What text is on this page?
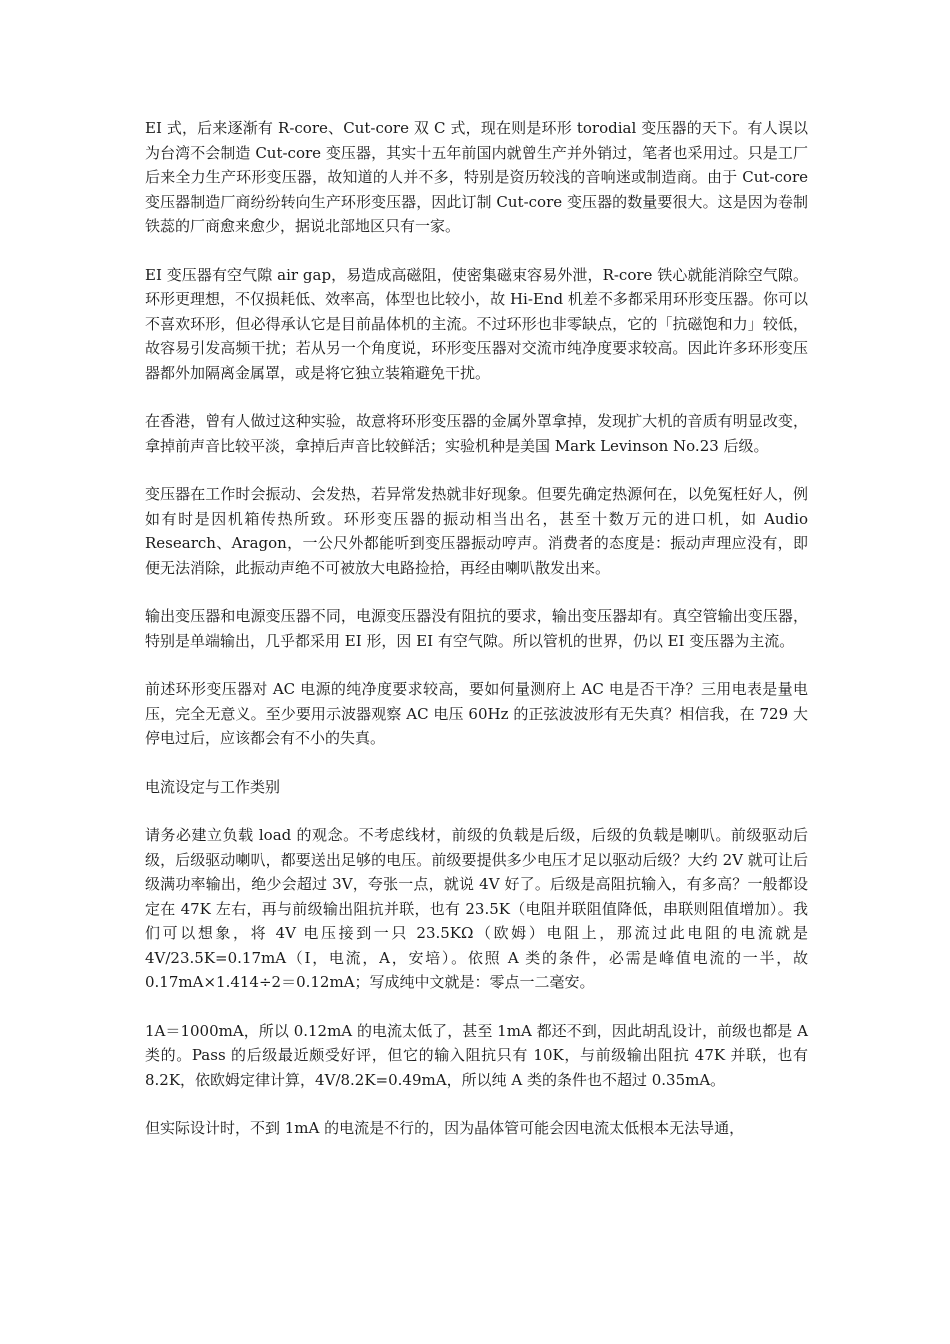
EI 式，后来逐渐有 R-core、Cut-core 双 C 式，现在则是环形 torodial 变压器的天下。有人误以为台湾不会制造 Cut-core 变压器，其实十五年前国内就曾生产并外销过，笔者也采用过。只是工厂后来全力生产环形变压器，故知道的人并不多，特别是资历较浅的音响迷或制造商。由于 Cut-core 变压器制造厂商纷纷转向生产环形变压器，因此订制 Cut-core 变压器的数量要很大。这是因为卷制铁蕊的厂商愈来愈少，据说北部地区只有一家。

EI 变压器有空气隙 air gap，易造成高磁阻，使密集磁束容易外泄，R-core 铁心就能消除空气隙。环形更理想，不仅损耗低、效率高，体型也比较小，故 Hi-End 机差不多都采用环形变压器。你可以不喜欢环形，但必得承认它是目前晶体机的主流。不过环形也非零缺点，它的「抗磁饱和力」较低，故容易引发高频干扰；若从另一个角度说，环形变压器对交流市纯净度要求较高。因此许多环形变压器都外加隔离金属罩，或是将它独立装箱避免干扰。

在香港，曾有人做过这种实验，故意将环形变压器的金属外罩拿掉，发现扩大机的音质有明显改变，拿掉前声音比较平淡，拿掉后声音比较鲜活；实验机种是美国 Mark Levinson No.23 后级。

变压器在工作时会振动、会发热，若异常发热就非好现象。但要先确定热源何在，以免冤枉好人，例如有时是因机箱传热所致。环形变压器的振动相当出名，甚至十数万元的进口机，如 Audio Research、Aragon，一公尺外都能听到变压器振动哼声。消费者的态度是：振动声理应没有，即便无法消除，此振动声绝不可被放大电路捡拾，再经由喇叭散发出来。

输出变压器和电源变压器不同，电源变压器没有阻抗的要求，输出变压器却有。真空管输出变压器，特别是单端输出，几乎都采用 EI 形，因 EI 有空气隙。所以管机的世界，仍以 EI 变压器为主流。

前述环形变压器对 AC 电源的纯净度要求较高，要如何量测府上 AC 电是否干净？三用电表是量电压，完全无意义。至少要用示波器观察 AC 电压 60Hz 的正弦波波形有无失真？相信我，在 729 大停电过后，应该都会有不小的失真。

电流设定与工作类别

请务必建立负载 load 的观念。不考虑线材，前级的负载是后级，后级的负载是喇叭。前级驱动后级，后级驱动喇叭，都要送出足够的电压。前级要提供多少电压才足以驱动后级？大约 2V 就可让后级满功率输出，绝少会超过 3V，夸张一点，就说 4V 好了。后级是高阻抗输入，有多高？一般都设定在 47K 左右，再与前级输出阻抗并联，也有 23.5K（电阻并联阻值降低，串联则阻值增加）。我们可以想象，将 4V 电压接到一只 23.5KΩ（欧姆）电阻上，那流过此电阻的电流就是 4V/23.5K=0.17mA（I，电流，A，安培）。依照 A 类的条件，必需是峰值电流的一半，故 0.17mA×1.414÷2＝0.12mA；写成纯中文就是：零点一二毫安。

1A＝1000mA，所以 0.12mA 的电流太低了，甚至 1mA 都还不到，因此胡乱设计，前级也都是 A 类的。Pass 的后级最近颇受好评，但它的输入阻抗只有 10K，与前级输出阻抗 47K 并联，也有 8.2K，依欧姆定律计算，4V/8.2K=0.49mA，所以纯 A 类的条件也不超过 0.35mA。

但实际设计时，不到 1mA 的电流是不行的，因为晶体管可能会因电流太低根本无法导通，
